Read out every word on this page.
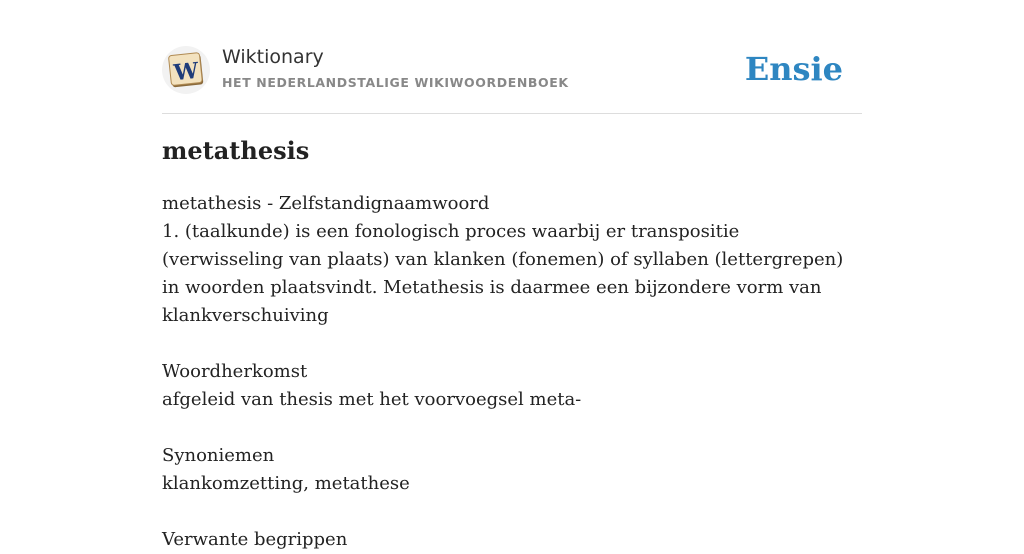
W
Wiktionary
HET NEDERLANDSTALIGE WIKIWOORDENBOEK	Ensie
metathesis
metathesis - Zelfstandignaamwoord
1. (taalkunde) is een fonologisch proces waarbij er transpositie (verwisseling van plaats) van klanken (fonemen) of syllaben (lettergrepen) in woorden plaatsvindt. Metathesis is daarmee een bijzondere vorm van klankverschuiving
Woordherkomst
afgeleid van thesis met het voorvoegsel meta-
Synoniemen
klankomzetting, metathese
Verwante begrippen
